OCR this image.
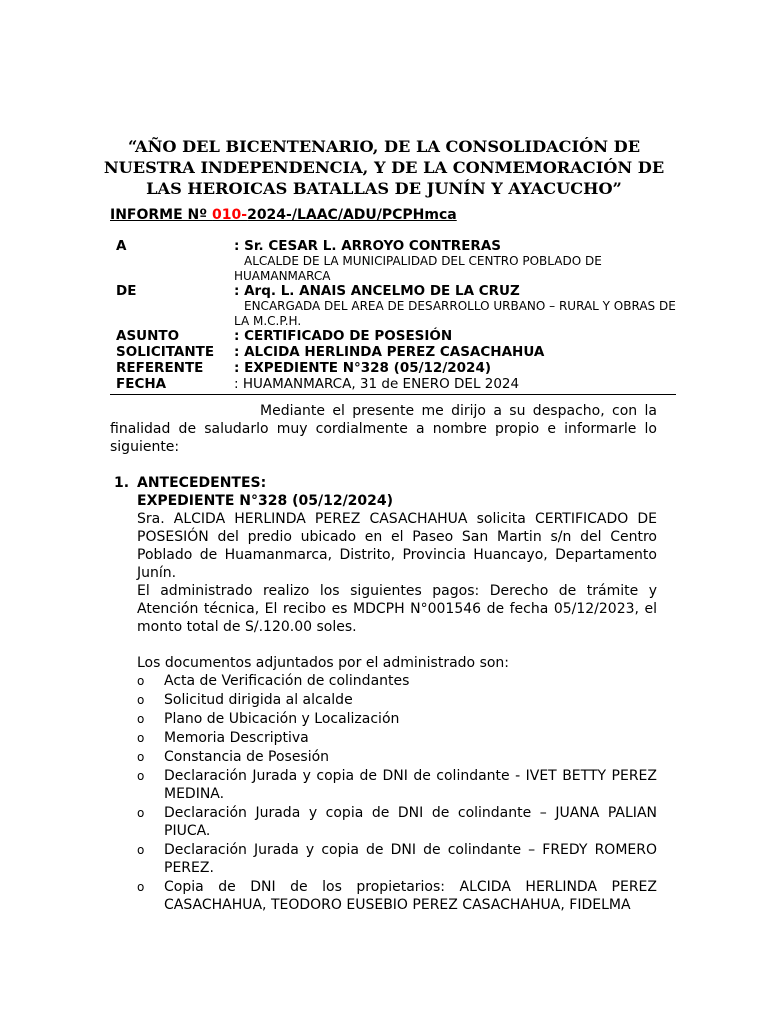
“AÑO DEL BICENTENARIO, DE LA CONSOLIDACIÓN DE NUESTRA INDEPENDENCIA, Y DE LA CONMEMORACIÓN DE LAS HEROICAS BATALLAS DE JUNÍN Y AYACUCHO”
INFORME Nº 010-2024-/LAAC/ADU/PCPHmca
A	: Sr. CESAR L. ARROYO CONTRERAS
ALCALDE DE LA MUNICIPALIDAD DEL CENTRO POBLADO DE HUAMANMARCA
DE	: Arq. L. ANAIS ANCELMO DE LA CRUZ
ENCARGADA DEL AREA DE DESARROLLO URBANO – RURAL Y OBRAS DE LA M.C.P.H.
ASUNTO	: CERTIFICADO DE POSESIÓN
SOLICITANTE	: ALCIDA HERLINDA PEREZ CASACHAHUA
REFERENTE	: EXPEDIENTE N°328 (05/12/2024)
FECHA	: HUAMANMARCA, 31 de ENERO DEL 2024

Mediante el presente me dirijo a su despacho, con la finalidad de saludarlo muy cordialmente a nombre propio e informarle lo siguiente:

1. ANTECEDENTES:

EXPEDIENTE N°328 (05/12/2024)

Sra. ALCIDA HERLINDA PEREZ CASACHAHUA solicita CERTIFICADO DE POSESIÓN del predio ubicado en el Paseo San Martin s/n del Centro Poblado de Huamanmarca, Distrito, Provincia Huancayo, Departamento Junín.

El administrado realizo los siguientes pagos: Derecho de trámite y Atención técnica, El recibo es MDCPH N°001546 de fecha 05/12/2023, el monto total de S/.120.00 soles.

Los documentos adjuntados por el administrado son:

o	Acta de Verificación de colindantes
o	Solicitud dirigida al alcalde
o	Plano de Ubicación y Localización
o	Memoria Descriptiva
o	Constancia de Posesión
o	Declaración Jurada y copia de DNI de colindante - IVET BETTY PEREZ MEDINA.
o	Declaración Jurada y copia de DNI de colindante – JUANA PALIAN PIUCA.
o	Declaración Jurada y copia de DNI de colindante – FREDY ROMERO PEREZ.
o	Copia de DNI de los propietarios: ALCIDA HERLINDA PEREZ CASACHAHUA, TEODORO EUSEBIO PEREZ CASACHAHUA, FIDELMA
